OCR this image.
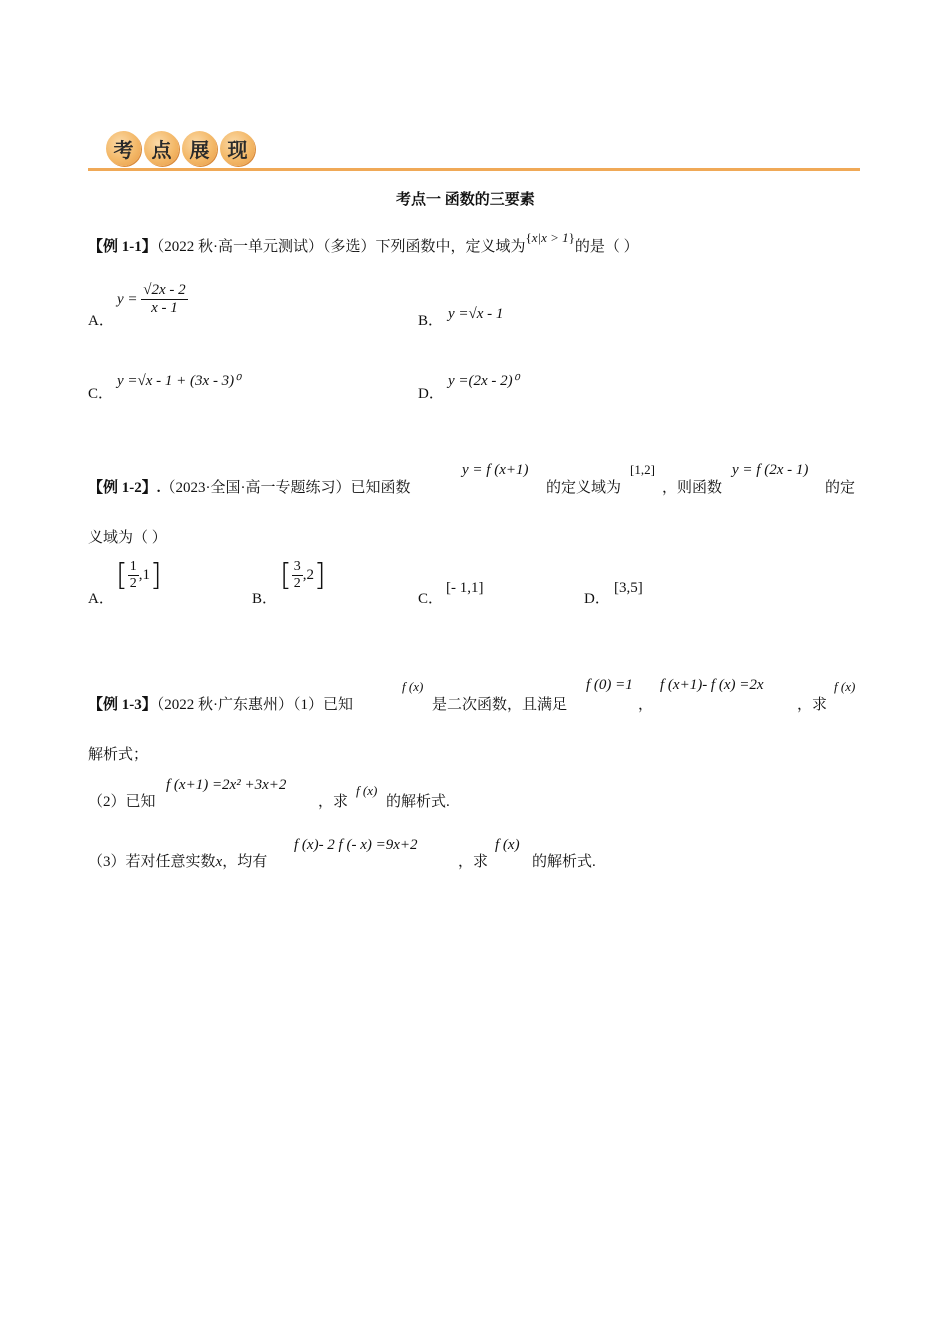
考 点 展 现
考点一 函数的三要素
【例 1-1】（2022 秋·高一单元测试）（多选）下列函数中，定义域为{x|x > 1}的是（ ）
A．
$y = \frac{√2x - 2}{x - 1}$
B． y =√x - 1
C．
y =√x - 1 + (3x - 3)⁰
D．
y =(2x - 2)⁰
【例 1-2】.（2023·全国·高一专题练习）已知函数
y = f (x+1)
的定义域为
[1,2]
，则函数
y = f (2x - 1)
的定
义域为（ ）
A．
[ $\frac{1}{2} ,1$]
B．
[ $\frac{3}{2} ,2$]
C．
[- 1,1]
D．
[3,5]
【例 1-3】（2022 秋·广东惠州）（1）已知
f (x)
是二次函数，且满足
f (0) =1
，
f (x+1)- f (x) =2x
，求
f (x)
解析式；
（2）已知
f (x+1) =2x² +3x+2
，求
f (x)
的解析式.
（3）若对任意实数x，均有
f (x)- 2 f (- x) =9x+2
，求
f (x)
的解析式.
